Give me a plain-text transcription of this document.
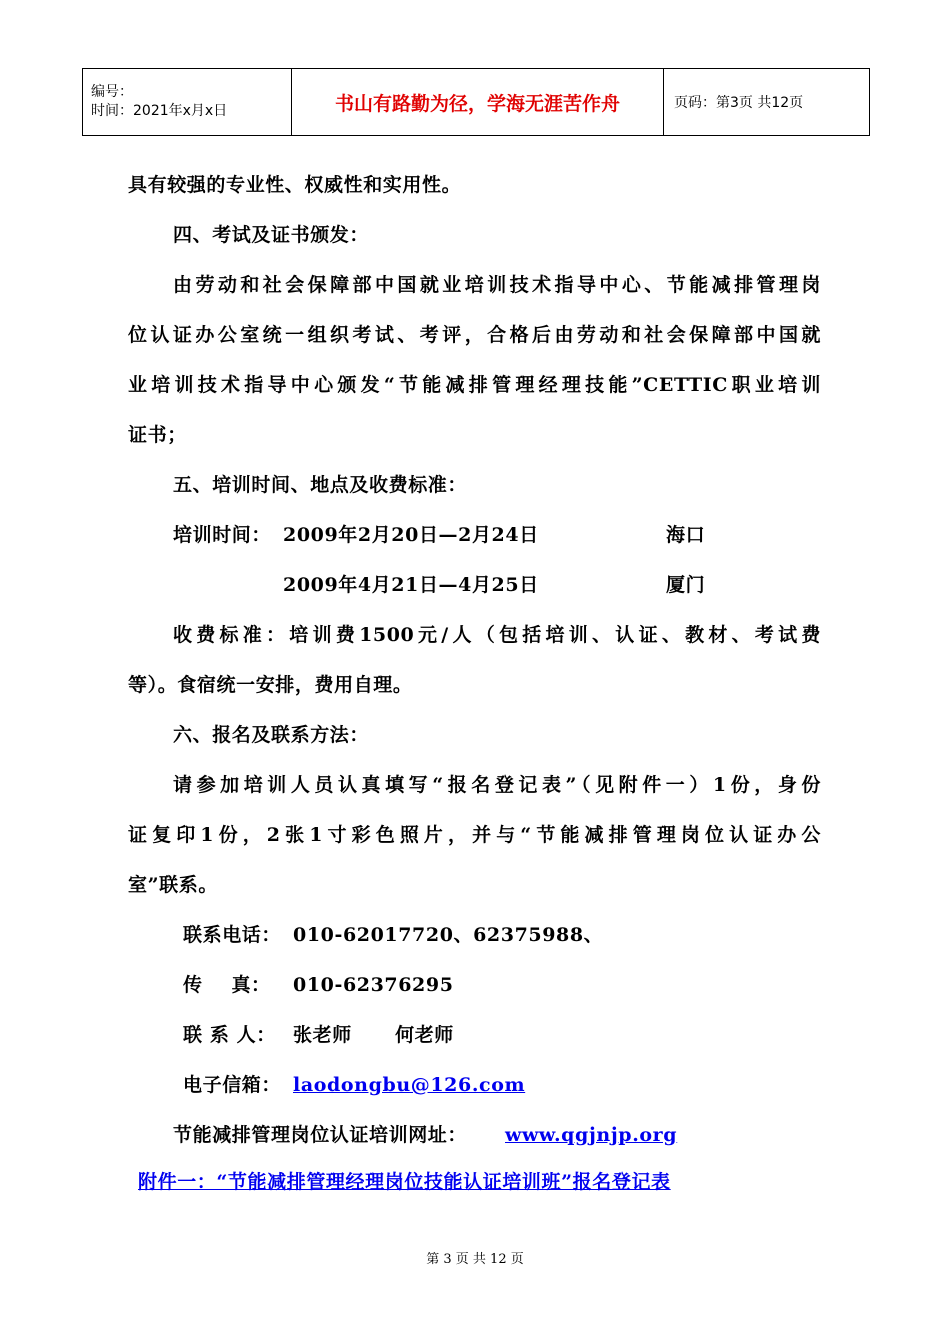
编号：
时间：2021年x月x日	书山有路勤为径，学海无涯苦作舟	页码：第3页 共12页
具有较强的专业性、权威性和实用性。
四、考试及证书颁发：
由劳动和社会保障部中国就业培训技术指导中心、节能减排管理岗
位认证办公室统一组织考试、考评，合格后由劳动和社会保障部中国就
业培训技术指导中心颁发“节能减排管理经理技能”CETTIC职业培训
证书；
五、培训时间、地点及收费标准：
培训时间： 2009年2月20日—2月24日	海口
2009年4月21日—4月25日	厦门
收费标准：培训费1500元/人（包括培训、认证、教材、考试费
等）。食宿统一安排，费用自理。
六、报名及联系方法：
请参加培训人员认真填写“报名登记表”（见附件一）1份，身份
证复印1份，2张1寸彩色照片，并与“节能减排管理岗位认证办公
室”联系。
联系电话： 010-62017720、62375988、
传    真： 010-62376295
联 系 人： 张老师      何老师
电子信箱： laodongbu@126.com
节能减排管理岗位认证培训网址： www.qgjnjp.org
附件一：“节能减排管理经理岗位技能认证培训班”报名登记表
第 3 页 共 12 页
